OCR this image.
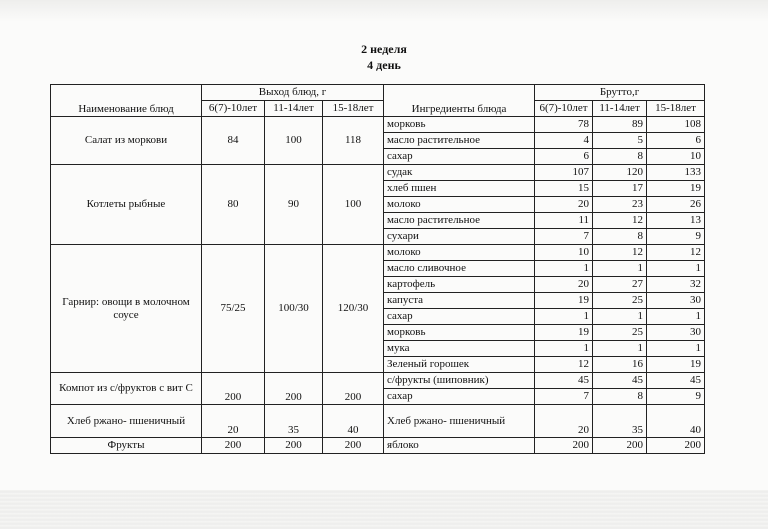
2 неделя
4 день
Наименование блюд	Выход блюд, г			Ингредиенты блюда	Брутто,г		
	6(7)-10лет	11-14лет	15-18лет		6(7)-10лет	11-14лет	15-18лет
Салат из моркови	84	100	118	морковь	78	89	108
				масло растительное	4	5	6
				сахар	6	8	10
Котлеты рыбные	80	90	100	судак	107	120	133
				хлеб пшен	15	17	19
				молоко	20	23	26
				масло растительное	11	12	13
				сухари	7	8	9
Гарнир: овощи в молочном соусе	75/25	100/30	120/30	молоко	10	12	12
				масло сливочное	1	1	1
				картофель	20	27	32
				капуста	19	25	30
				сахар	1	1	1
				морковь	19	25	30
				мука	1	1	1
				Зеленый горошек	12	16	19
Компот из с/фруктов с вит С	200	200	200	с/фрукты (шиповник)	45	45	45
				сахар	7	8	9
Хлеб ржано- пшеничный	20	35	40	Хлеб ржано- пшеничный	20	35	40
Фрукты	200	200	200	яблоко	200	200	200
